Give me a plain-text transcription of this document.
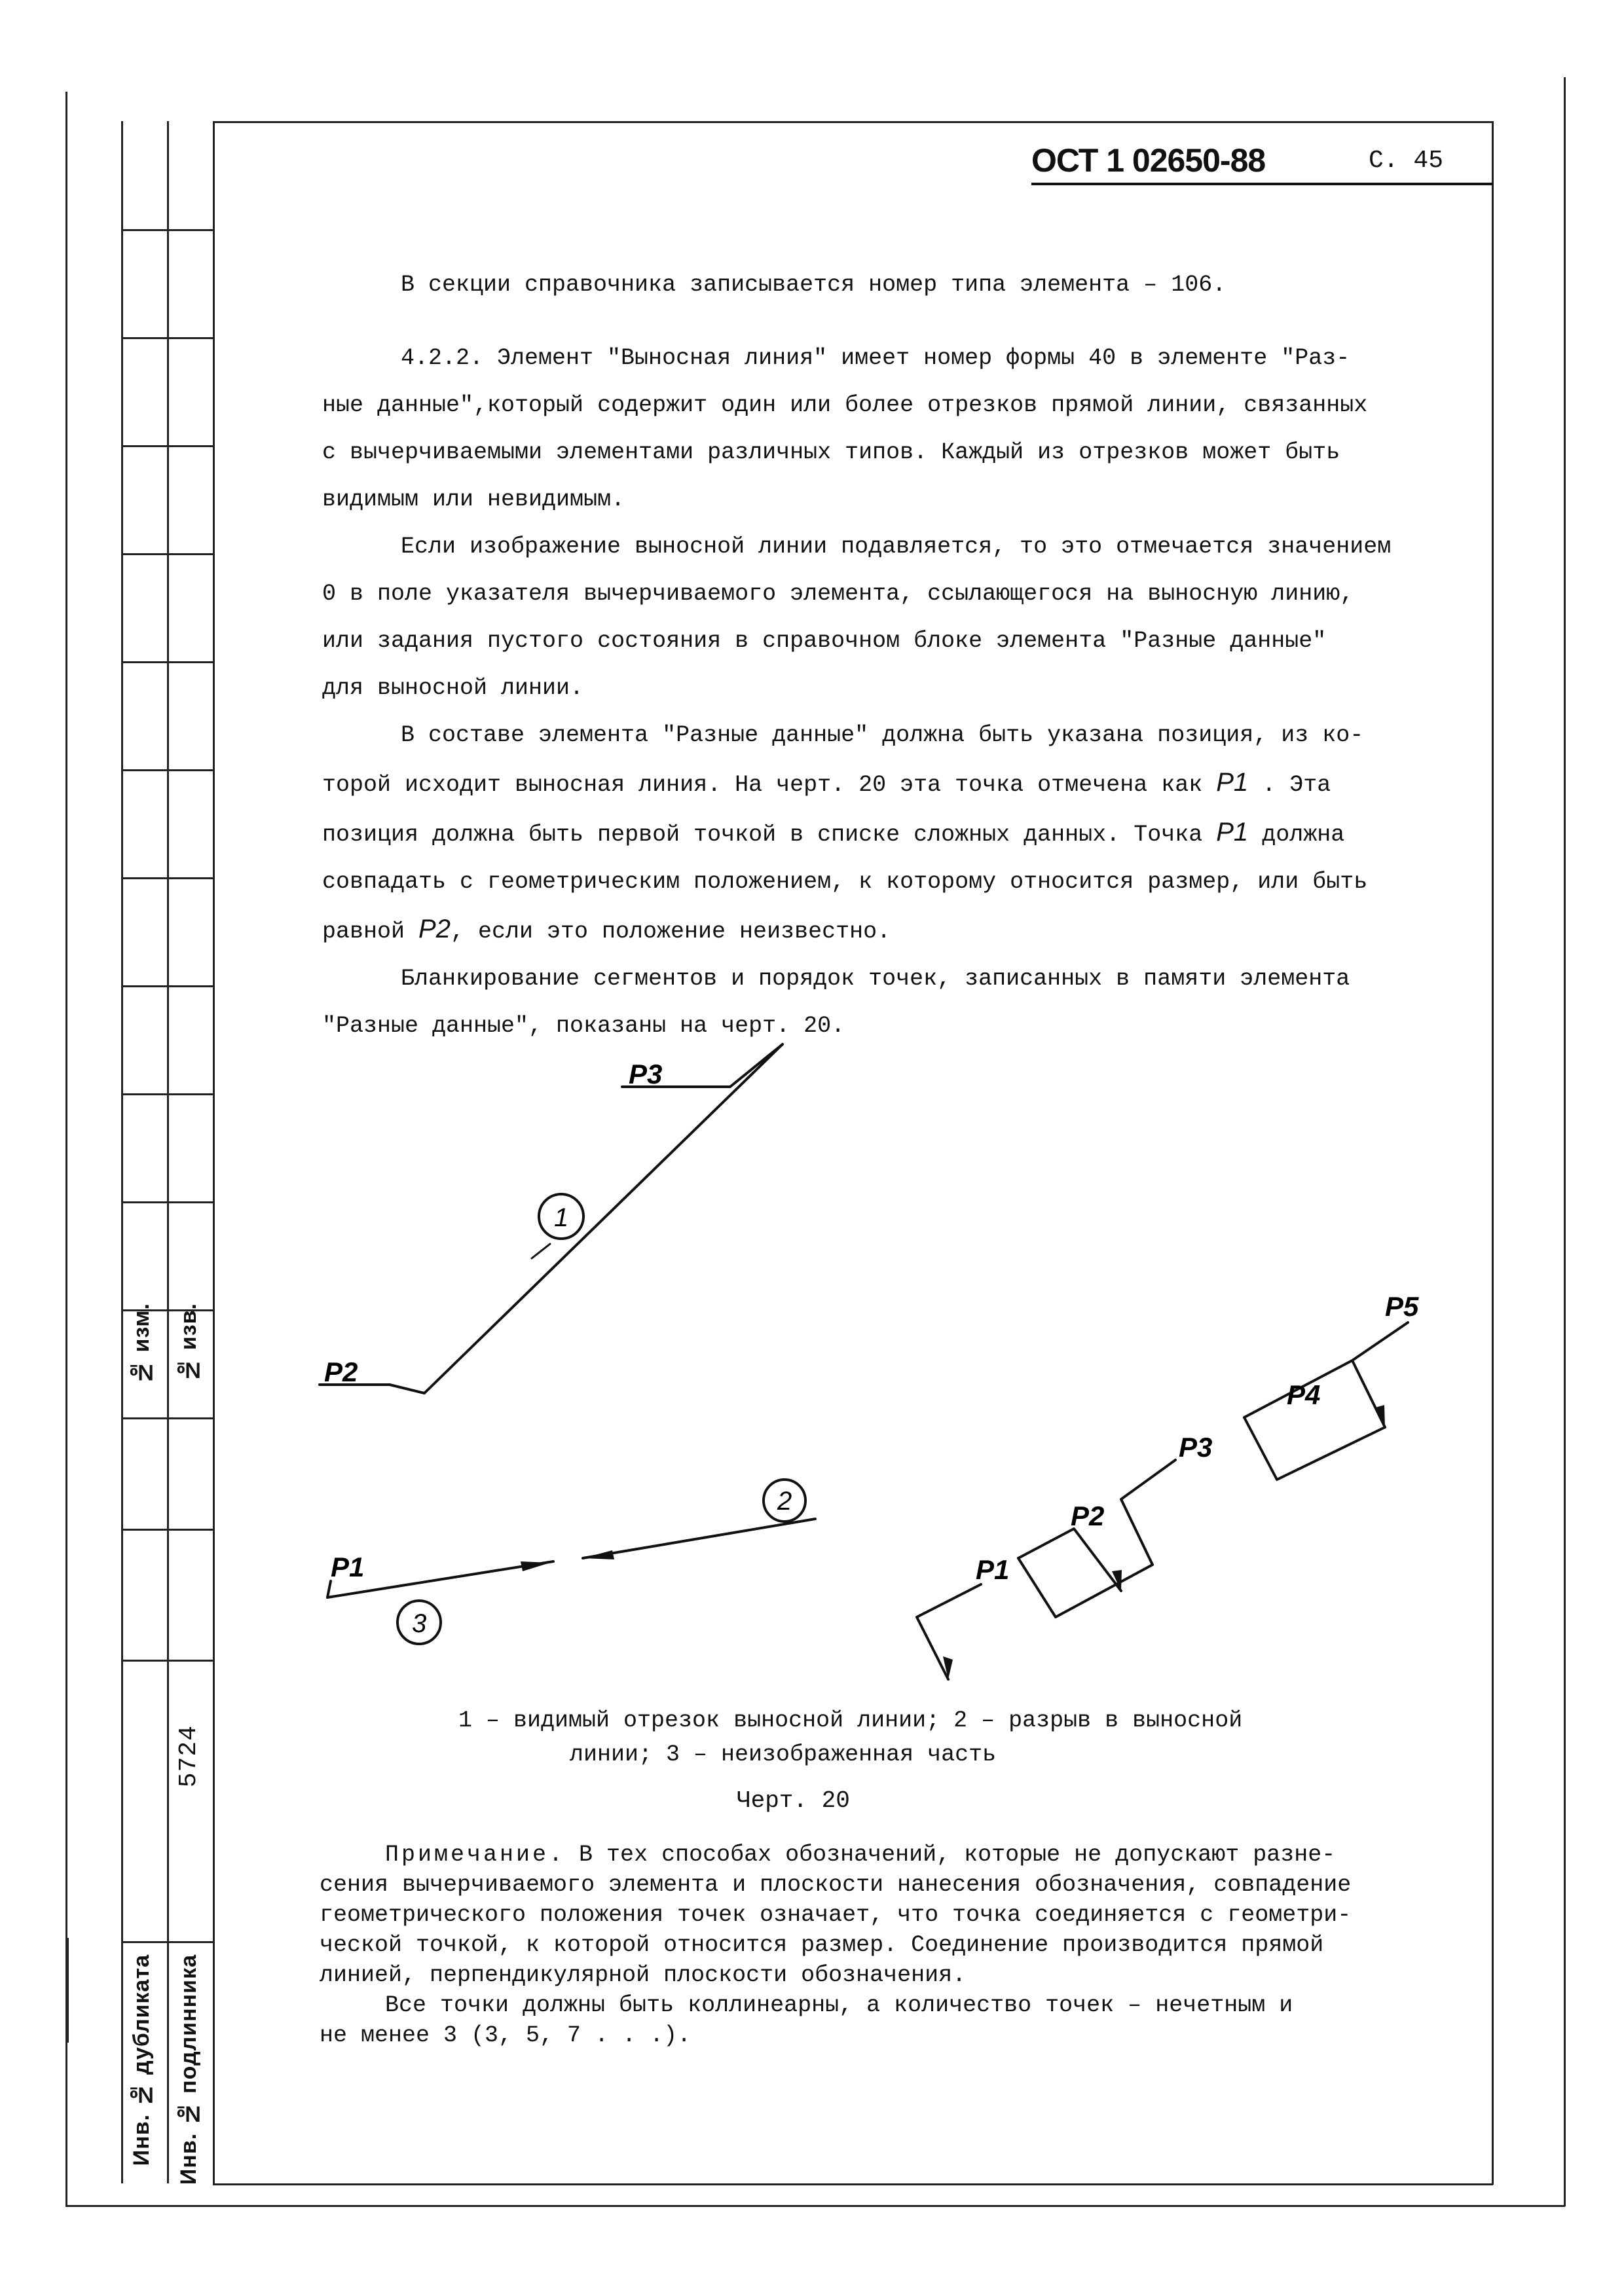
№ изм. № изв.
Инв. № дубликата Инв. № подлинника
5724
ОСТ 1 02650-88	С. 45

В секции справочника записывается номер типа элемента – 106.

4.2.2. Элемент "Выносная линия" имеет номер формы 40 в элементе "Раз-

ные данные",который содержит один или более отрезков прямой линии, связанных

с вычерчиваемыми элементами различных типов. Каждый из отрезков может быть

видимым или невидимым.

Если изображение выносной линии подавляется, то это отмечается значением

0 в поле указателя вычерчиваемого элемента, ссылающегося на выносную линию,

или задания пустого состояния в справочном блоке элемента "Разные данные"

для выносной линии.

В составе элемента "Разные данные" должна быть указана позиция, из ко-

торой исходит выносная линия. На черт. 20 эта точка отмечена как P1 . Эта

позиция должна быть первой точкой в списке сложных данных. Точка P1 должна

совпадать с геометрическим положением, к которому относится размер, или быть

равной P2, если это положение неизвестно.

Бланкирование сегментов и порядок точек, записанных в памяти элемента

"Разные данные", показаны на черт. 20.

P3
P2
P1
1
2
3
P1
P2
P3
P4
P5
1 – видимый отрезок выносной линии; 2 – разрыв в выносной
линии; 3 – неизображенная часть
Черт. 20

Примечание. В тех способах обозначений, которые не допускают разне-

сения вычерчиваемого элемента и плоскости нанесения обозначения, совпадение

геометрического положения точек означает, что точка соединяется с геометри-

ческой точкой, к которой относится размер. Соединение производится прямой

линией, перпендикулярной плоскости обозначения.

Все точки должны быть коллинеарны, а количество точек – нечетным и

не менее 3 (3, 5, 7 . . .).
